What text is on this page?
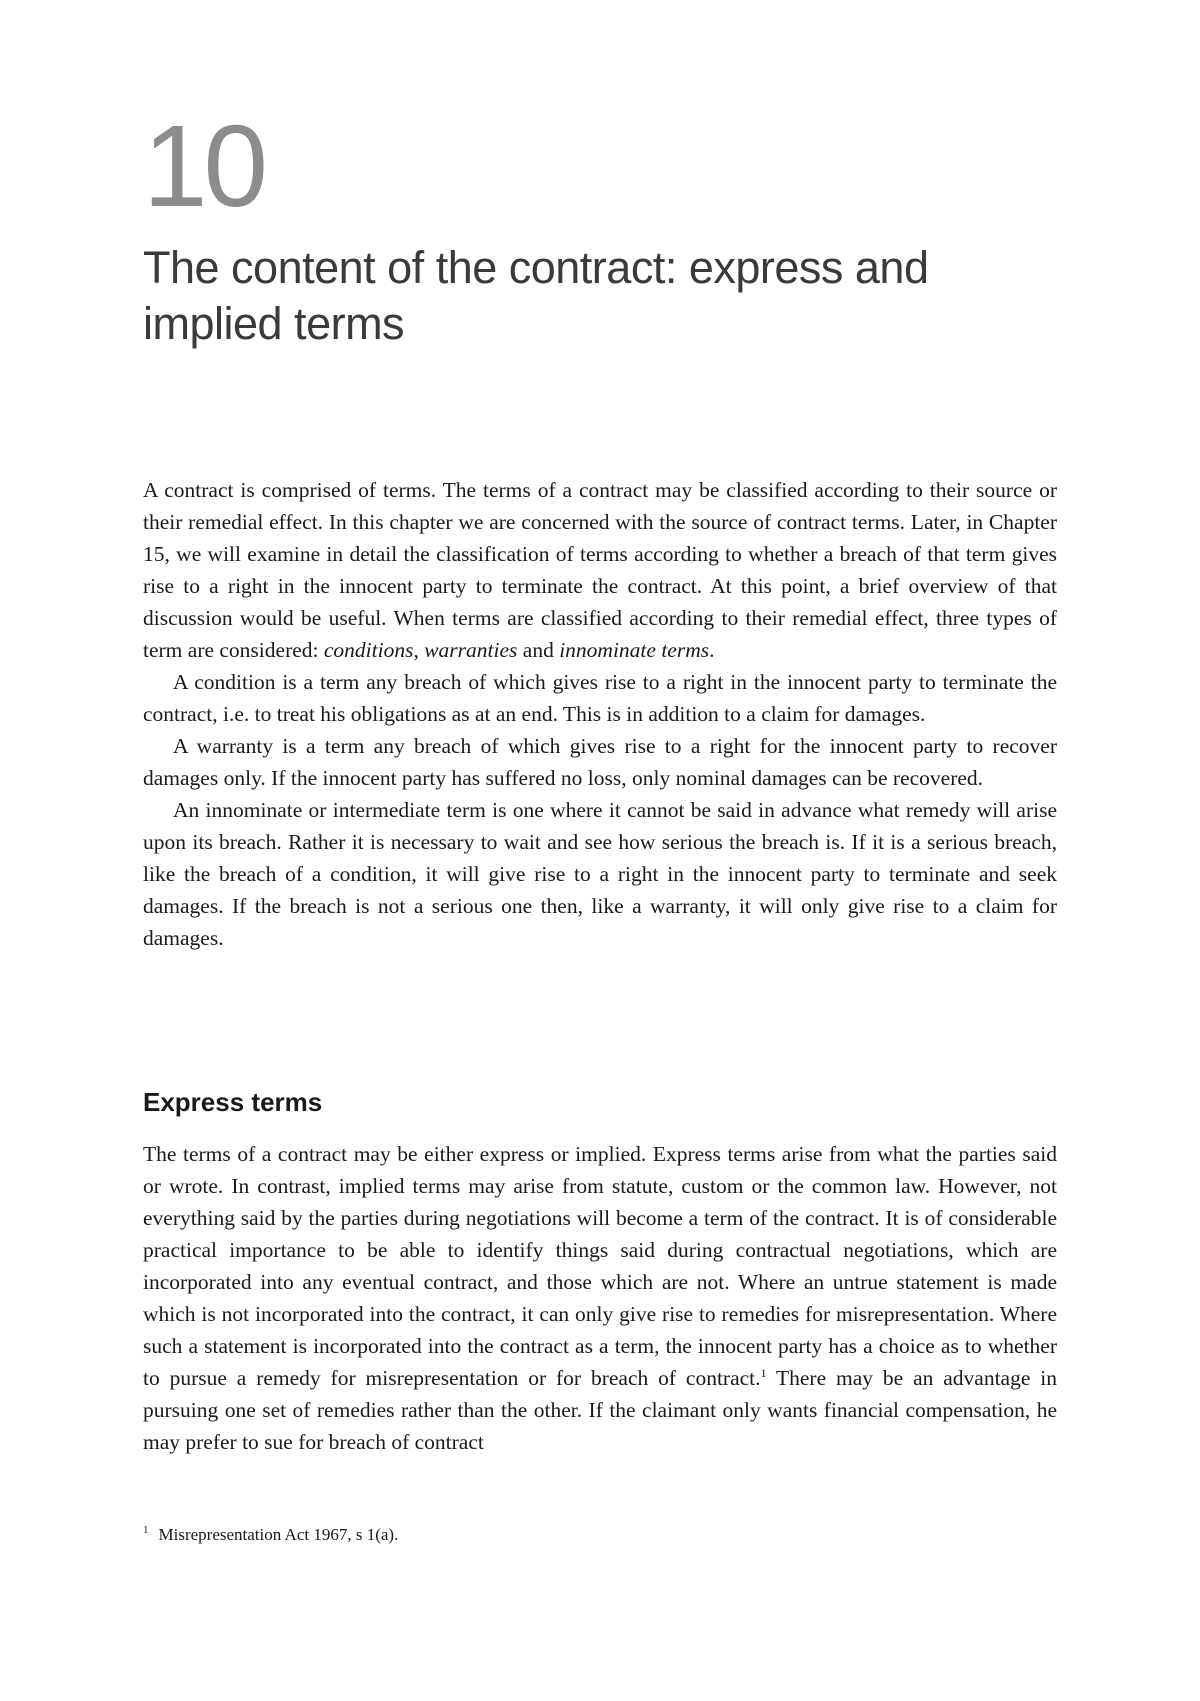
10
The content of the contract: express and implied terms

A contract is comprised of terms. The terms of a contract may be classified according to their source or their remedial effect. In this chapter we are concerned with the source of contract terms. Later, in Chapter 15, we will examine in detail the classification of terms according to whether a breach of that term gives rise to a right in the innocent party to terminate the contract. At this point, a brief overview of that discussion would be useful. When terms are classified according to their remedial effect, three types of term are considered: conditions, warranties and innominate terms.

A condition is a term any breach of which gives rise to a right in the innocent party to terminate the contract, i.e. to treat his obligations as at an end. This is in addition to a claim for damages.

A warranty is a term any breach of which gives rise to a right for the innocent party to recover damages only. If the innocent party has suffered no loss, only nominal damages can be recovered.

An innominate or intermediate term is one where it cannot be said in advance what remedy will arise upon its breach. Rather it is necessary to wait and see how serious the breach is. If it is a serious breach, like the breach of a condition, it will give rise to a right in the innocent party to terminate and seek damages. If the breach is not a serious one then, like a warranty, it will only give rise to a claim for damages.

Express terms

The terms of a contract may be either express or implied. Express terms arise from what the parties said or wrote. In contrast, implied terms may arise from statute, custom or the common law. However, not everything said by the parties during negotiations will become a term of the contract. It is of considerable practical importance to be able to identify things said during contractual negotiations, which are incorporated into any eventual contract, and those which are not. Where an untrue statement is made which is not incorporated into the contract, it can only give rise to remedies for misrepresentation. Where such a statement is incorporated into the contract as a term, the innocent party has a choice as to whether to pursue a remedy for misrepresentation or for breach of contract.$^1$ There may be an advantage in pursuing one set of remedies rather than the other. If the claimant only wants financial compensation, he may prefer to sue for breach of contract

$^1$ Misrepresentation Act 1967, s 1(a).
